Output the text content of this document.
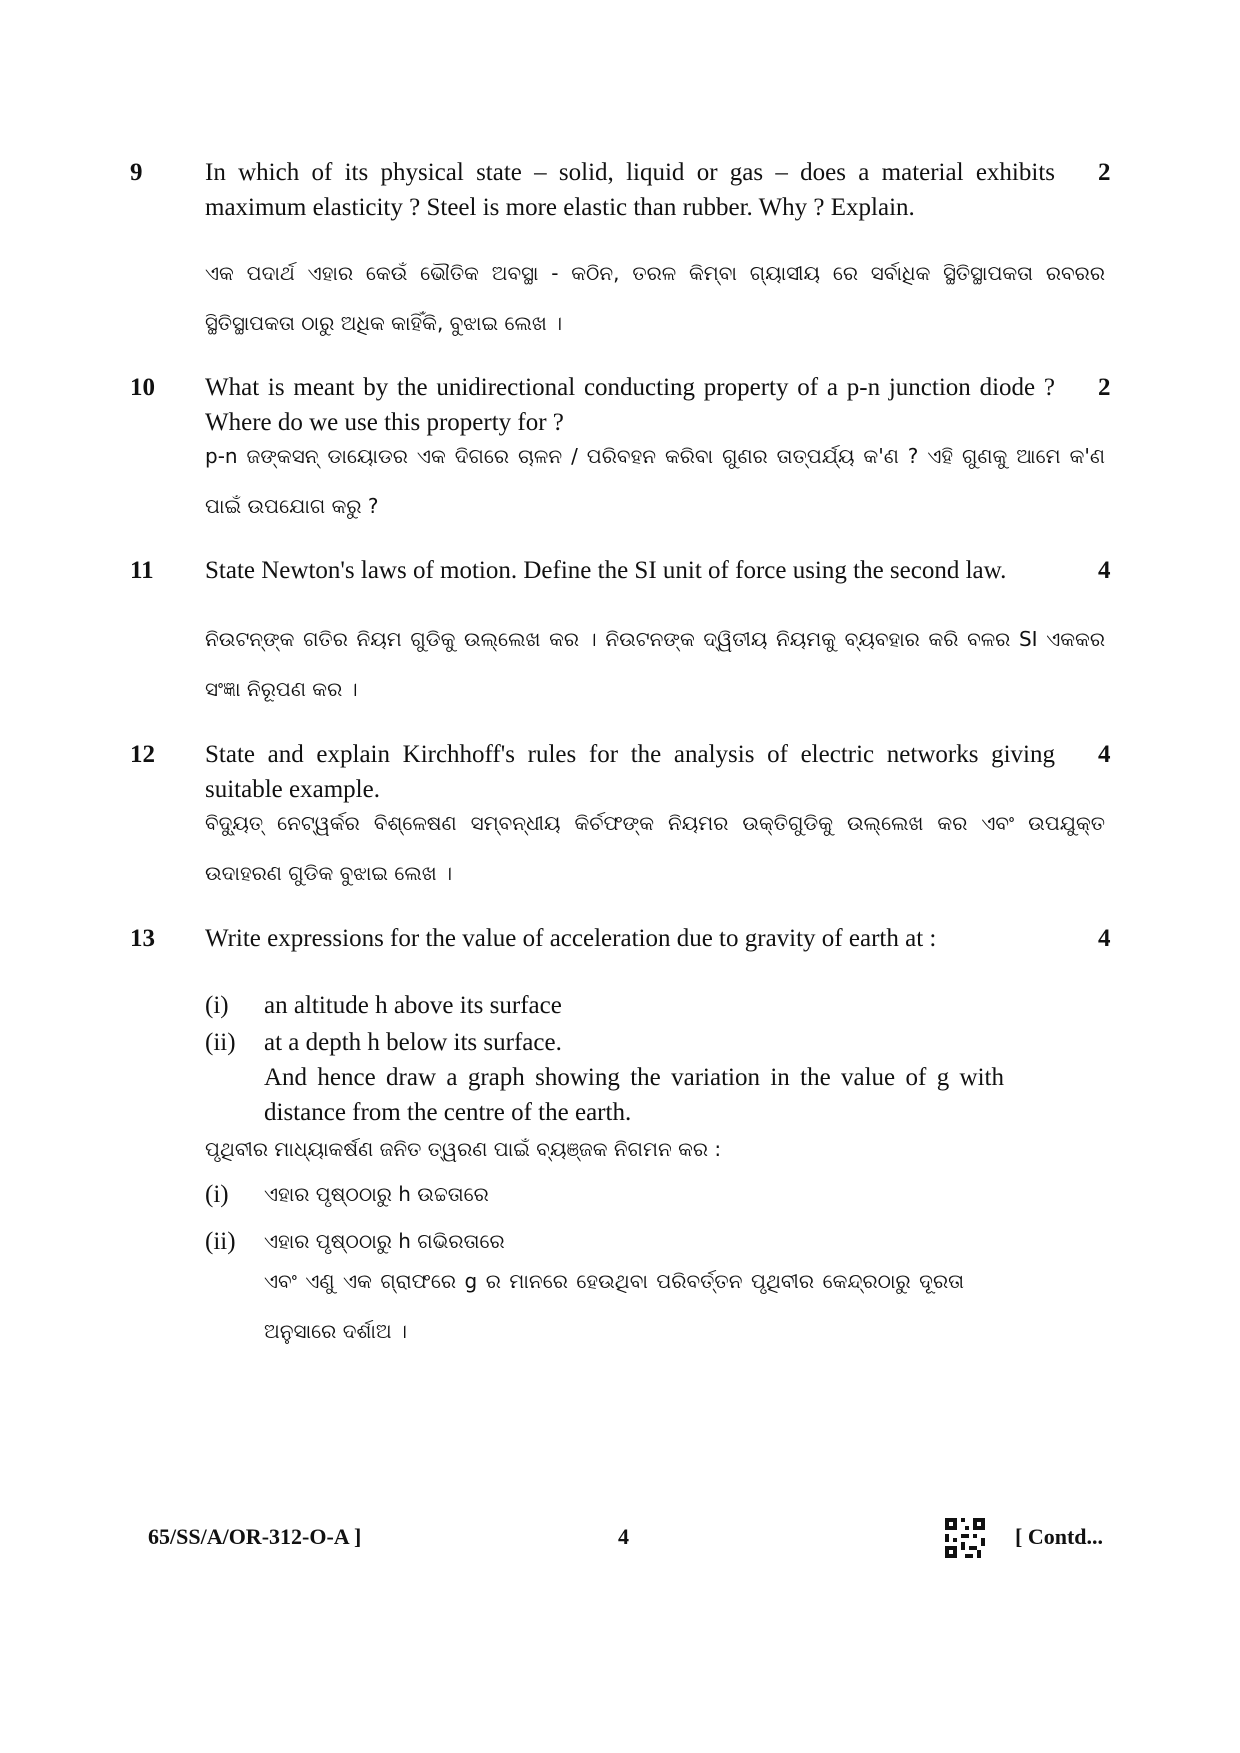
9	2

In which of its physical state – solid, liquid or gas – does a material exhibits maximum elasticity ? Steel is more elastic than rubber. Why ? Explain.

ଏକ ପଦାର୍ଥ ଏହାର କେଉଁ ଭୌତିକ ଅବସ୍ଥା - କଠିନ, ତରଳ କିମ୍ବା ଗ୍ୟାସୀୟ ରେ ସର୍ବାଧିକ ସ୍ଥିତିସ୍ଥାପକତା ରବରର ସ୍ଥିତିସ୍ଥାପକତା ଠାରୁ ଅଧିକ କାହିଁକି, ବୁଝାଇ ଲେଖ ।

10	2

What is meant by the unidirectional conducting property of a p-n junction diode ? Where do we use this property for ?

p-n ଜଙ୍କସନ୍ ଡାୟୋଡର ଏକ ଦିଗରେ ଚାଳନ / ପରିବହନ କରିବା ଗୁଣର ତାତ୍ପର୍ଯ୍ୟ କ'ଣ ? ଏହି ଗୁଣକୁ ଆମେ କ'ଣ ପାଇଁ ଉପଯୋଗ କରୁ ?

11	4

State Newton's laws of motion. Define the SI unit of force using the second law.

ନିଉଟନ୍‌ଙ୍କ ଗତିର ନିୟମ ଗୁଡିକୁ ଉଲ୍ଲେଖ କର । ନିଉଟନଙ୍କ ଦ୍ୱିତୀୟ ନିୟମକୁ ବ୍ୟବହାର କରି ବଳର SI ଏକକର ସଂଜ୍ଞା ନିରୂପଣ କର ।

12	4

State and explain Kirchhoff's rules for the analysis of electric networks giving suitable example.

ବିଦ୍ୟୁତ୍ ନେଟ୍‌ୱର୍କର ବିଶ୍ଳେଷଣ ସମ୍ବନ୍ଧୀୟ କିର୍ଚଫଙ୍କ ନିୟମର ଉକ୍ତିଗୁଡିକୁ ଉଲ୍ଲେଖ କର ଏବଂ ଉପଯୁକ୍ତ ଉଦାହରଣ ଗୁଡିକ ବୁଝାଇ ଲେଖ ।

13	4

Write expressions for the value of acceleration due to gravity of earth at :

(i) an altitude h above its surface
(ii) at a depth h below its surface.

And hence draw a graph showing the variation in the value of g with distance from the centre of the earth.

ପୃଥିବୀର ମାଧ୍ୟାକର୍ଷଣ ଜନିତ ତ୍ୱରଣ ପାଇଁ ବ୍ୟଞ୍ଜକ ନିଗମନ କର :

(i) ଏହାର ପୃଷ୍ଠଠାରୁ h ଉଚ୍ଚତାରେ
(ii) ଏହାର ପୃଷ୍ଠଠାରୁ h ଗଭିରତାରେ

ଏବଂ ଏଣୁ ଏକ ଗ୍ରାଫରେ g ର ମାନରେ ହେଉଥିବା ପରିବର୍ତ୍ତନ ପୃଥିବୀର କେନ୍ଦ୍ରଠାରୁ ଦୂରତା ଅନୁସାରେ ଦର୍ଶାଅ ।

65/SS/A/OR-312-O-A ]	4	[ Contd...
